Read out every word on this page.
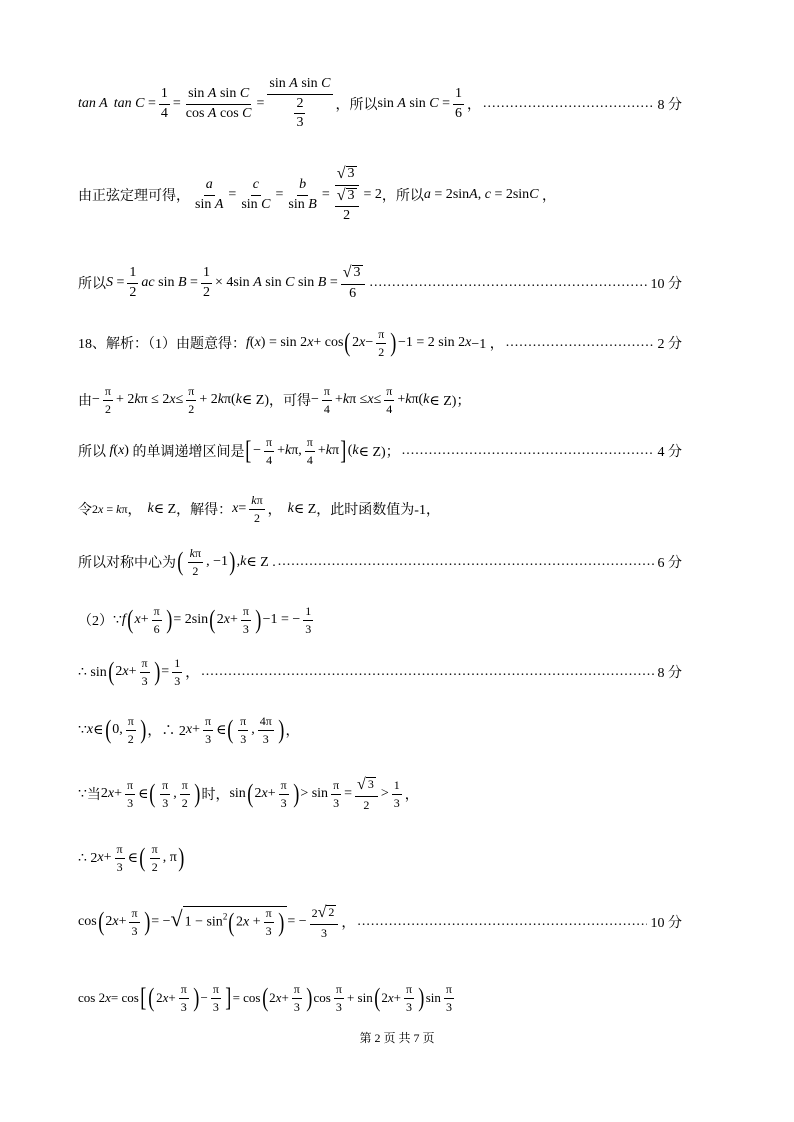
tan A $\tan C = \frac{1}{4} = \frac{\text{sin A sin C}}{\text{cos A cos C}} = \frac{\text{sin A sin C}}{\frac{2}{3}}$ ，所以 sin
A
sin
$C = \frac{1}{6}$ ， .....	8 分
由正弦定理可得， $\frac{a}{\text{sin A}} = \frac{c}{\text{sin C}} = \frac{b}{\text{sin B}} = \frac{√ 3}{\frac{√ 3}{2}} = 2$ ，所以 a = 2 sin A , c = 2 sin C ，
所以 $S = \frac{1}{2}$ ac
sin
$B = \frac{1}{2} \times 4$ sin
A
sin
C
sin
$B = \frac{√ 3}{6}$ .....	10 分
18、解析：（1）由题意得： f ( x ) = sin 2 x + cos ( 2 $x - \frac{\pi}{2}$ ) −1 = 2 sin 2 x −1 ， .....	2 分
由 − $\frac{\pi}{2} + 2$ k π ≤ 2 $x \le \frac{\pi}{2} + 2$ k π( k ∈ Z) ，可得 − $\frac{\pi}{4} + k$ $\pi \le x \le \frac{\pi}{4} + k$ π( k ∈ Z)；
所以
f ( x ) 的单调递增区间是 [ − $\frac{\pi}{4} + k$ π, $\frac{\pi}{4} + k$ π ] ( k ∈ Z)； .....	4 分
令 2x = kπ ， k ∈ Z ，解得： $x = \frac{k\pi}{2}$ ， k ∈ Z ，此时函数值为-1，
所以对称中心为 ( $\frac{k\pi}{2}$ , −1 ) , k ∈ Z . .....	6 分
（2） ∵ f ( $x + \frac{\pi}{6}$ ) = 2sin ( 2 $x + \frac{\pi}{3}$ ) −1 = − $\frac{1}{3}$
∴ sin ( 2 $x + \frac{\pi}{3}$ ) = $\frac{1}{3}$ ， .....	8 分
∵ x ∈ ( 0, $\frac{\pi}{2}$ ) ，∴ 2 $x + \frac{\pi}{3}$ ∈ ( $\frac{\pi}{3}$ , $\frac{4\pi}{3}$ ) ，
∵ 当 2 $x + \frac{\pi}{3}$ ∈ ( $\frac{\pi}{3}$ , $\frac{\pi}{2}$ ) 时， sin ( 2 $x + \frac{\pi}{3}$ ) > $\sin \frac{\pi}{3} = \frac{√ 3}{2} > \frac{1}{3}$ ，
∴ 2 $x + \frac{\pi}{3}$ ∈ ( $\frac{\pi}{2}$ , π )
cos ( 2 $x + \frac{\pi}{3}$ ) = − √ $1 - \sin^2(2x + \frac{\pi}{3}$ ) = − $\frac{2 √ 2}{3}$ ， .....	10 分
cos 2 x = cos [ ( 2 $x + \frac{\pi}{3}$ ) − $\frac{\pi}{3}$ ] = cos ( 2 $x + \frac{\pi}{3}$ ) $\cos \frac{\pi}{3} + \sin$ ( 2 $x + \frac{\pi}{3}$ ) $\sin \frac{\pi}{3}$
第 2 页 共 7 页
